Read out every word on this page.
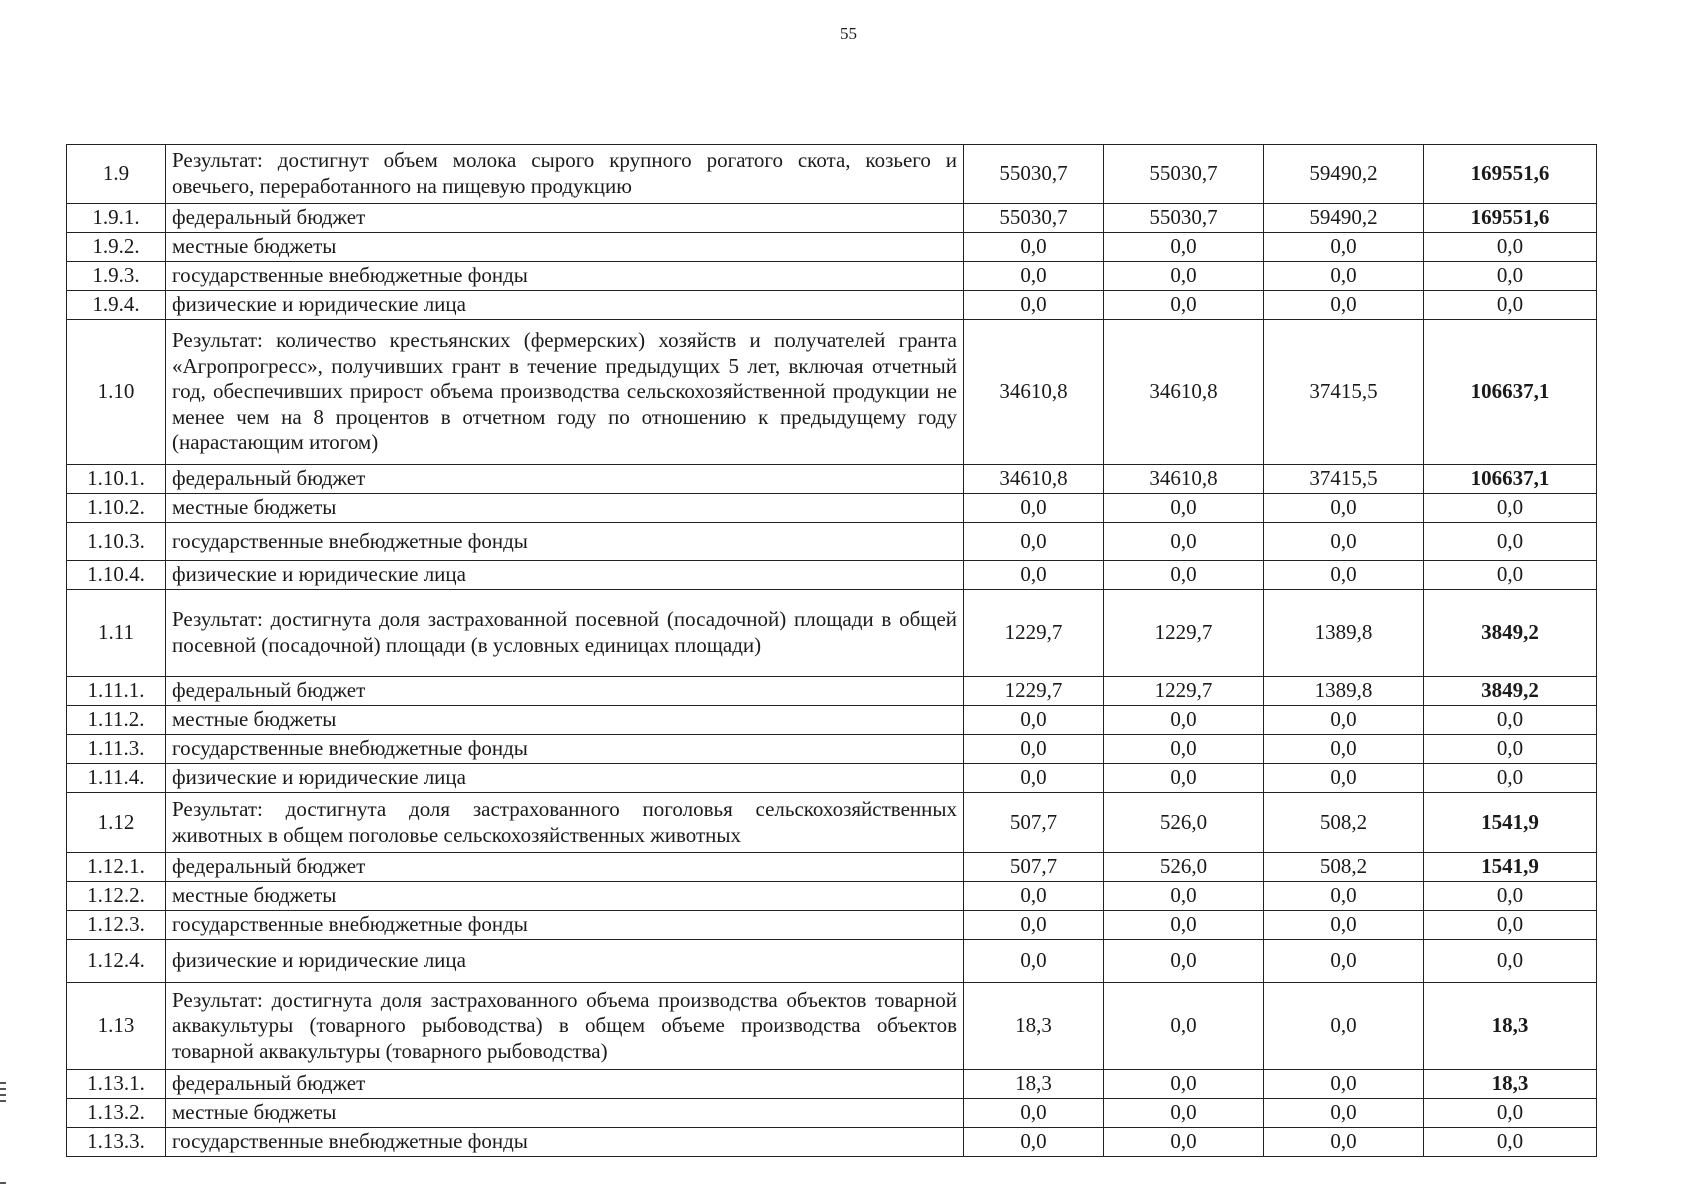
55
1.9	Результат: достигнут объем молока сырого крупного рогатого скота, козьего и овечьего, переработанного на пищевую продукцию	55030,7	55030,7	59490,2	169551,6
1.9.1.	федеральный бюджет	55030,7	55030,7	59490,2	169551,6
1.9.2.	местные бюджеты	0,0	0,0	0,0	0,0
1.9.3.	государственные внебюджетные фонды	0,0	0,0	0,0	0,0
1.9.4.	физические и юридические лица	0,0	0,0	0,0	0,0
1.10	Результат: количество крестьянских (фермерских) хозяйств и получателей гранта «Агропрогресс», получивших грант в течение предыдущих 5 лет, включая отчетный год, обеспечивших прирост объема производства сельскохозяйственной продукции не менее чем на 8 процентов в отчетном году по отношению к предыдущему году (нарастающим итогом)	34610,8	34610,8	37415,5	106637,1
1.10.1.	федеральный бюджет	34610,8	34610,8	37415,5	106637,1
1.10.2.	местные бюджеты	0,0	0,0	0,0	0,0
1.10.3.	государственные внебюджетные фонды	0,0	0,0	0,0	0,0
1.10.4.	физические и юридические лица	0,0	0,0	0,0	0,0
1.11	Результат: достигнута доля застрахованной посевной (посадочной) площади в общей посевной (посадочной) площади (в условных единицах площади)	1229,7	1229,7	1389,8	3849,2
1.11.1.	федеральный бюджет	1229,7	1229,7	1389,8	3849,2
1.11.2.	местные бюджеты	0,0	0,0	0,0	0,0
1.11.3.	государственные внебюджетные фонды	0,0	0,0	0,0	0,0
1.11.4.	физические и юридические лица	0,0	0,0	0,0	0,0
1.12	Результат: достигнута доля застрахованного поголовья сельскохозяйственных животных в общем поголовье сельскохозяйственных животных	507,7	526,0	508,2	1541,9
1.12.1.	федеральный бюджет	507,7	526,0	508,2	1541,9
1.12.2.	местные бюджеты	0,0	0,0	0,0	0,0
1.12.3.	государственные внебюджетные фонды	0,0	0,0	0,0	0,0
1.12.4.	физические и юридические лица	0,0	0,0	0,0	0,0
1.13	Результат: достигнута доля застрахованного объема производства объектов товарной аквакультуры (товарного рыбоводства) в общем объеме производства объектов товарной аквакультуры (товарного рыбоводства)	18,3	0,0	0,0	18,3
1.13.1.	федеральный бюджет	18,3	0,0	0,0	18,3
1.13.2.	местные бюджеты	0,0	0,0	0,0	0,0
1.13.3.	государственные внебюджетные фонды	0,0	0,0	0,0	0,0
